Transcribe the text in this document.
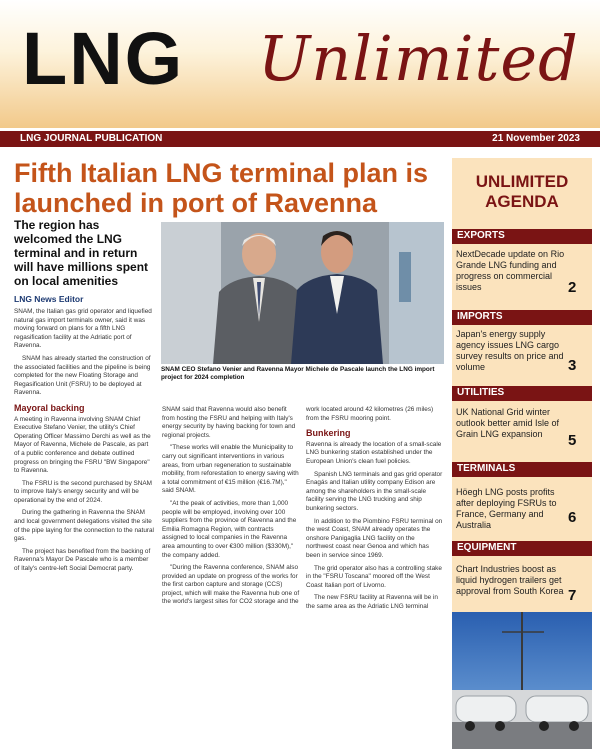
LNG Unlimited
LNG JOURNAL PUBLICATION	21 November 2023
Fifth Italian LNG terminal plan is launched in port of Ravenna

The region has welcomed the LNG terminal and in return will have millions spent on local amenities

LNG News Editor

SNAM, the Italian gas grid operator and liquefied natural gas import terminals owner, said it was moving forward on plans for a fifth LNG regasification facility at the Adriatic port of Ravenna.

SNAM has already started the construction of the associated facilities and the pipeline is being completed for the new Floating Storage and Regasification Unit (FSRU) to be deployed at Ravenna.

Mayoral backing

A meeting in Ravenna involving SNAM Chief Executive Stefano Venier, the utility's Chief Operating Officer Massimo Derchi as well as the Mayor of Ravenna, Michele de Pascale, as part of a public conference and debate outlined progress on bringing the FSRU "BW Singapore" to Ravenna.

The FSRU is the second purchased by SNAM to improve Italy's energy security and will be operational by the end of 2024.

During the gathering in Ravenna the SNAM and local government delegations visited the site of the pipe laying for the connection to the natural gas.

The project has benefited from the backing of Ravenna's Mayor De Pascale who is a member of Italy's centre-left Social Democrat party.

SNAM CEO Stefano Venier and Ravenna Mayor Michele de Pascale launch the LNG import project for 2024 completion

SNAM said that Ravenna would also benefit from hosting the FSRU and helping with Italy's energy security by having backing for town and regional projects.

"These works will enable the Municipality to carry out significant interventions in various areas, from urban regeneration to sustainable mobility, from reforestation to energy saving with a total commitment of €15 million (€16.7M)," said SNAM.

"At the peak of activities, more than 1,000 people will be employed, involving over 100 suppliers from the province of Ravenna and the Emilia Romagna Region, with contracts assigned to local companies in the Ravenna area amounting to over €300 million ($330M)," the company added.

"During the Ravenna conference, SNAM also provided an update on progress of the works for the first carbon capture and storage (CCS) project, which will make the Ravenna hub one of the world's largest sites for CO2 storage and the

work located around 42 kilometres (26 miles) from the FSRU mooring point.

Bunkering

Ravenna is already the location of a small-scale LNG bunkering station established under the European Union's clean fuel policies.

Spanish LNG terminals and gas grid operator Enagás and Italian utility company Edison are among the shareholders in the small-scale facility serving the LNG trucking and ship bunkering sectors.

In addition to the Piombino FSRU terminal on the west Coast, SNAM already operates the onshore Panigaglia LNG facility on the northwest coast near Genoa and which has been in service since 1969.

The grid operator also has a controlling stake in the "FSRU Toscana" moored off the West Coast Italian port of Livorno.

The new FSRU facility at Ravenna will be in the same area as the Adriatic LNG terminal

UNLIMITED AGENDA
EXPORTS
NextDecade update on Rio Grande LNG funding and progress on commercial issues	2
IMPORTS
Japan's energy supply agency issues LNG cargo survey results on price and volume	3
UTILITIES
UK National Grid winter outlook better amid Isle of Grain LNG expansion	5
TERMINALS
Höegh LNG posts profits after deploying FSRUs to France, Germany and Australia	6
EQUIPMENT
Chart Industries boost as liquid hydrogen trailers get approval from South Korea 7
